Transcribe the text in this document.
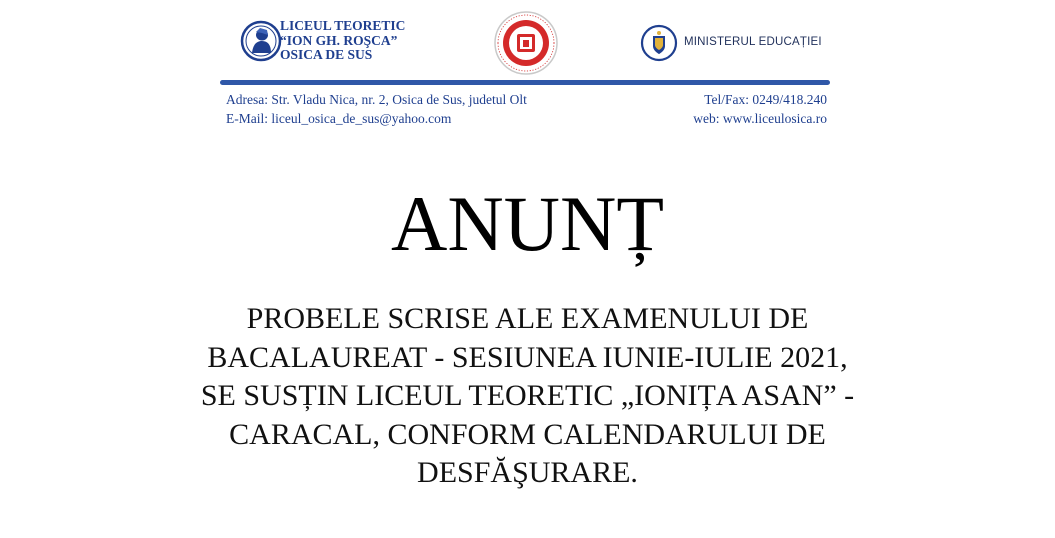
LICEUL TEORETIC
“ION GH. ROŞCA”
OSICA DE SUS
MINISTERUL EDUCAȚIEI
Adresa: Str. Vladu Nica, nr. 2, Osica de Sus, judetul Olt
E-Mail: liceul_osica_de_sus@yahoo.com
Tel/Fax: 0249/418.240
web: www.liceulosica.ro
ANUNȚ
PROBELE SCRISE ALE EXAMENULUI DE
BACALAUREAT - SESIUNEA IUNIE-IULIE 2021,
SE SUSȚIN LICEUL TEORETIC „IONIȚA ASAN” -
CARACAL, CONFORM CALENDARULUI DE
DESFĂŞURARE.
